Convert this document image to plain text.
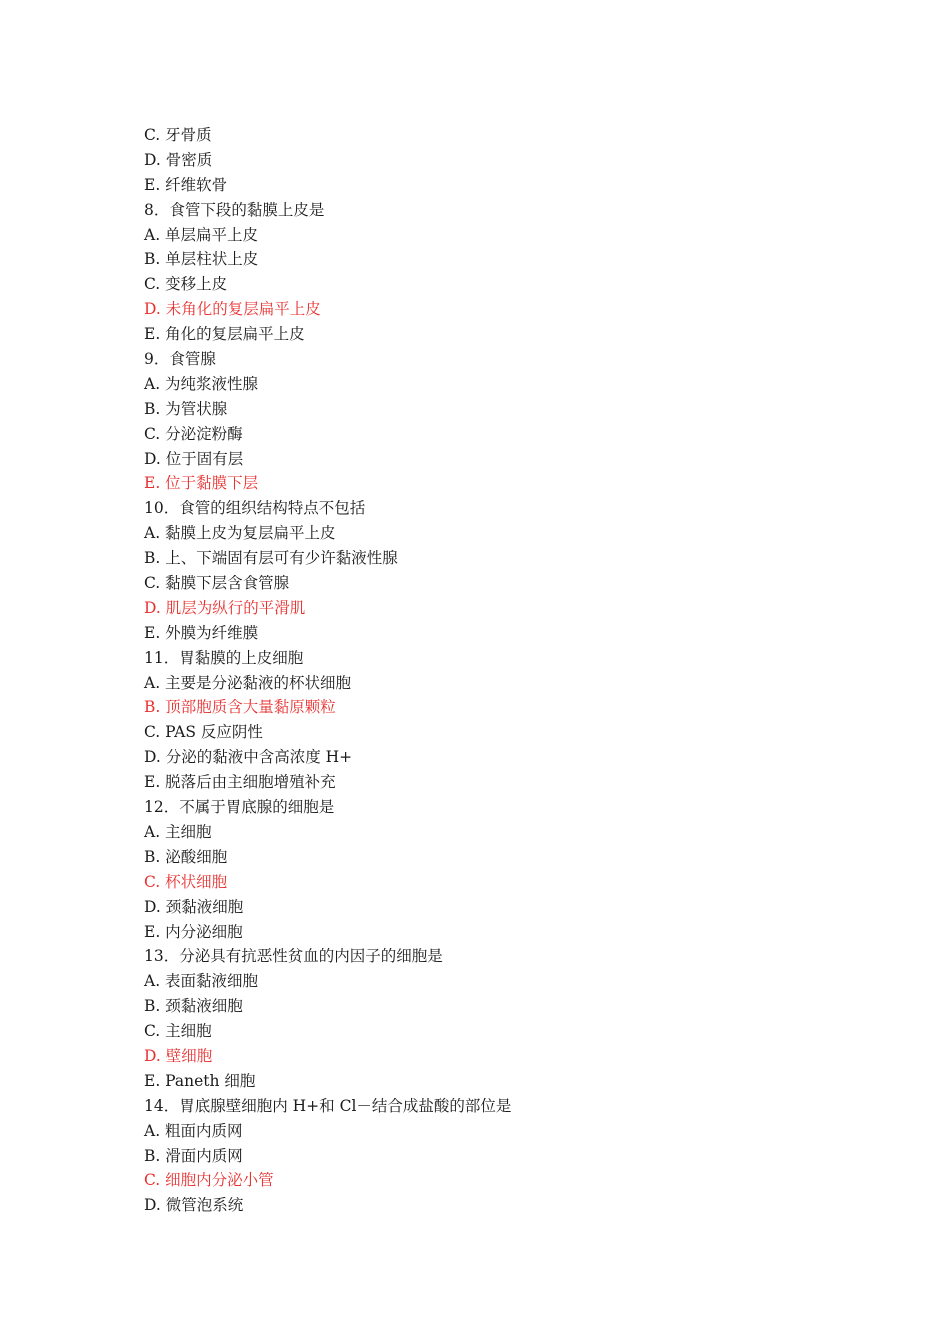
C. 牙骨质
D. 骨密质
E. 纤维软骨
8．食管下段的黏膜上皮是
A. 单层扁平上皮
B. 单层柱状上皮
C. 变移上皮
D. 未角化的复层扁平上皮
E. 角化的复层扁平上皮
9．食管腺
A. 为纯浆液性腺
B. 为管状腺
C. 分泌淀粉酶
D. 位于固有层
E. 位于黏膜下层
10．食管的组织结构特点不包括
A. 黏膜上皮为复层扁平上皮
B. 上、下端固有层可有少许黏液性腺
C. 黏膜下层含食管腺
D. 肌层为纵行的平滑肌
E. 外膜为纤维膜
11．胃黏膜的上皮细胞
A. 主要是分泌黏液的杯状细胞
B. 顶部胞质含大量黏原颗粒
C. PAS 反应阴性
D. 分泌的黏液中含高浓度 H+
E. 脱落后由主细胞增殖补充
12．不属于胃底腺的细胞是
A. 主细胞
B. 泌酸细胞
C. 杯状细胞
D. 颈黏液细胞
E. 内分泌细胞
13．分泌具有抗恶性贫血的内因子的细胞是
A. 表面黏液细胞
B. 颈黏液细胞
C. 主细胞
D. 壁细胞
E. Paneth 细胞
14．胃底腺壁细胞内 H+和 Cl－结合成盐酸的部位是
A. 粗面内质网
B. 滑面内质网
C. 细胞内分泌小管
D. 微管泡系统
